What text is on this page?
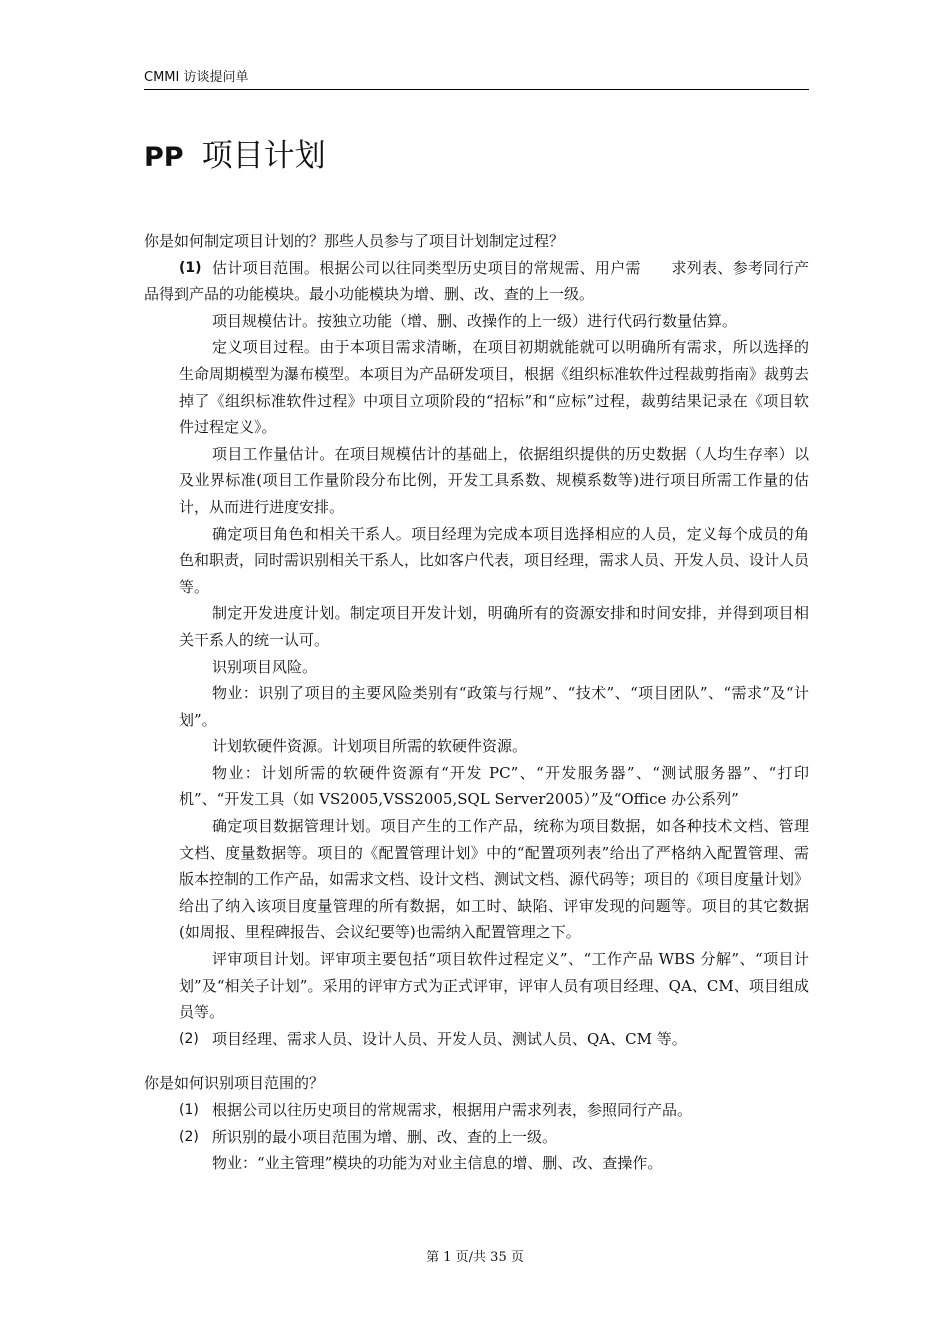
CMMI 访谈提问单
PP 项目计划

你是如何制定项目计划的？那些人员参与了项目计划制定过程？

(1) 估计项目范围。根据公司以往同类型历史项目的常规需、用户需　　求列表、参考同行产品得到产品的功能模块。最小功能模块为增、删、改、查的上一级。

项目规模估计。按独立功能（增、删、改操作的上一级）进行代码行数量估算。

定义项目过程。由于本项目需求清晰，在项目初期就能就可以明确所有需求，所以选择的生命周期模型为瀑布模型。本项目为产品研发项目，根据《组织标准软件过程裁剪指南》裁剪去掉了《组织标准软件过程》中项目立项阶段的“招标”和“应标”过程，裁剪结果记录在《项目软件过程定义》。

项目工作量估计。在项目规模估计的基础上，依据组织提供的历史数据（人均生存率）以及业界标准(项目工作量阶段分布比例，开发工具系数、规模系数等)进行项目所需工作量的估计，从而进行进度安排。

确定项目角色和相关干系人。项目经理为完成本项目选择相应的人员，定义每个成员的角色和职责，同时需识别相关干系人，比如客户代表，项目经理，需求人员、开发人员、设计人员等。

制定开发进度计划。制定项目开发计划，明确所有的资源安排和时间安排，并得到项目相关干系人的统一认可。

识别项目风险。

物业：识别了项目的主要风险类别有“政策与行规”、“技术”、“项目团队”、“需求”及“计划”。

计划软硬件资源。计划项目所需的软硬件资源。

物业：计划所需的软硬件资源有“开发 PC”、“开发服务器”、“测试服务器”、“打印机”、“开发工具（如 VS2005,VSS2005,SQL Server2005）”及“Office 办公系列”

确定项目数据管理计划。项目产生的工作产品，统称为项目数据，如各种技术文档、管理文档、度量数据等。项目的《配置管理计划》中的“配置项列表”给出了严格纳入配置管理、需版本控制的工作产品，如需求文档、设计文档、测试文档、源代码等；项目的《项目度量计划》给出了纳入该项目度量管理的所有数据，如工时、缺陷、评审发现的问题等。项目的其它数据(如周报、里程碑报告、会议纪要等)也需纳入配置管理之下。

评审项目计划。评审项主要包括“项目软件过程定义”、“工作产品 WBS 分解”、“项目计划”及“相关子计划”。采用的评审方式为正式评审，评审人员有项目经理、QA、CM、项目组成员等。

(2) 项目经理、需求人员、设计人员、开发人员、测试人员、QA、CM 等。

你是如何识别项目范围的？

(1) 根据公司以往历史项目的常规需求，根据用户需求列表，参照同行产品。
(2) 所识别的最小项目范围为增、删、改、查的上一级。

物业：“业主管理”模块的功能为对业主信息的增、删、改、查操作。

第 1 页/共 35 页
